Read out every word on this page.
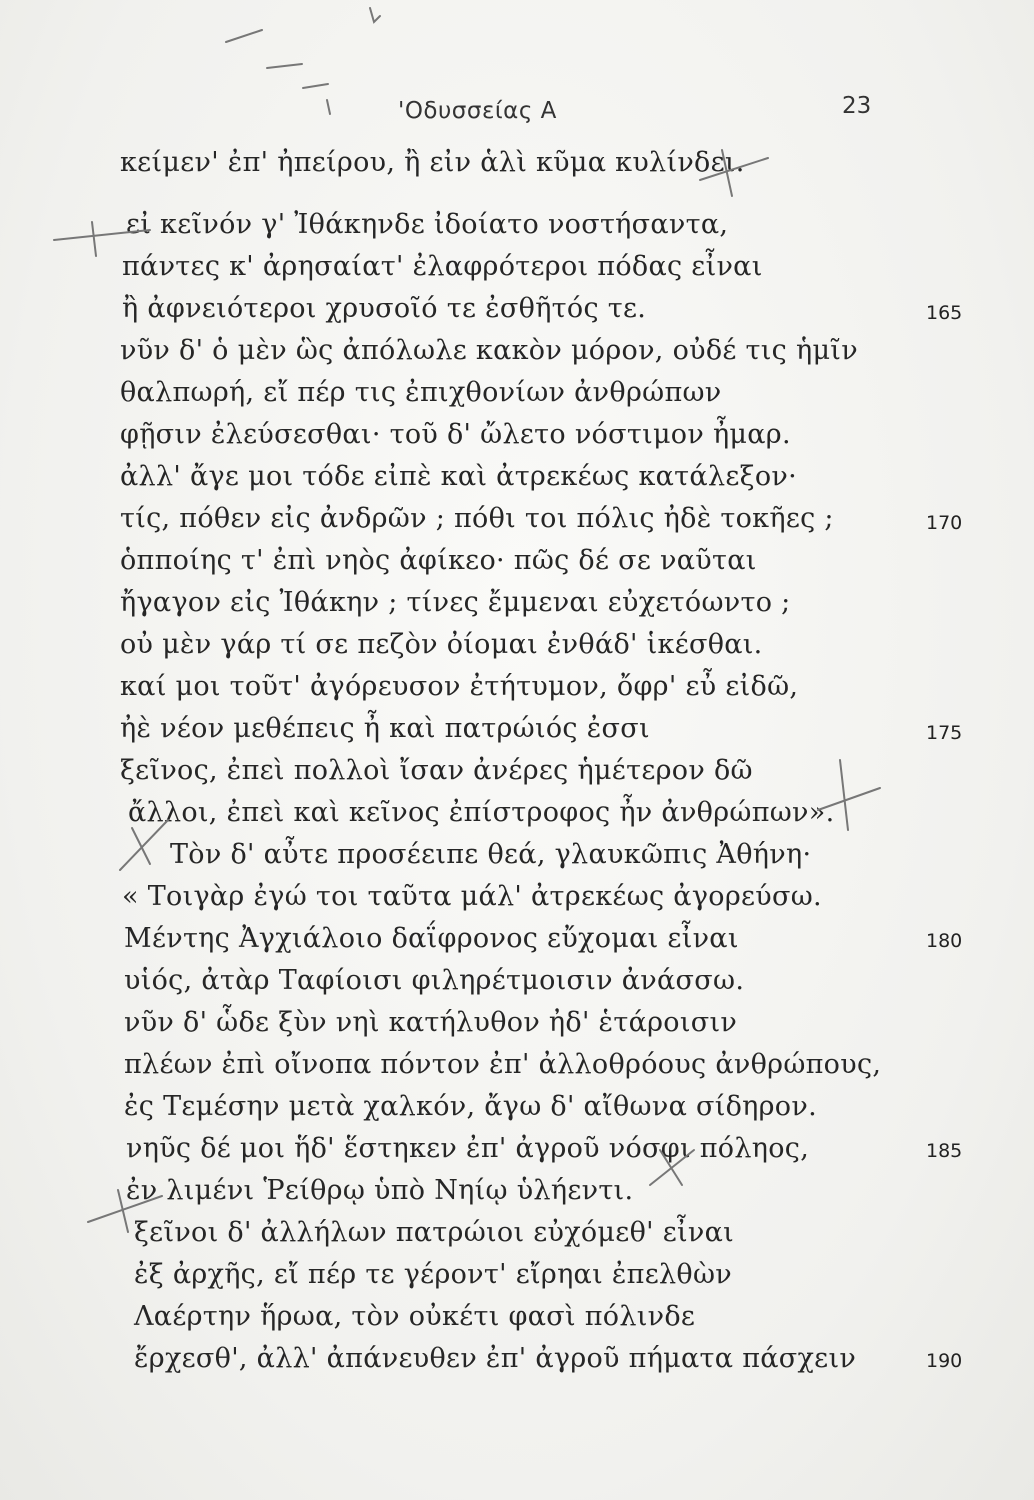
'Οδυσσείας Α	23
κείμεν' ἐπ' ἠπείρου, ἢ εἰν ἁλὶ κῦμα κυλίνδει.
εἰ κεῖνόν γ' Ἰθάκηνδε ἰδοίατο νοστήσαντα,
πάντες κ' ἀρησαίατ' ἐλαφρότεροι πόδας εἶναι
ἢ ἀφνειότεροι χρυσοῖό τε ἐσθῆτός τε.
νῦν δ' ὁ μὲν ὣς ἀπόλωλε κακὸν μόρον, οὐδέ τις ἡμῖν
θαλπωρή, εἴ πέρ τις ἐπιχθονίων ἀνθρώπων
φῇσιν ἐλεύσεσθαι· τοῦ δ' ὤλετο νόστιμον ἦμαρ.
ἀλλ' ἄγε μοι τόδε εἰπὲ καὶ ἀτρεκέως κατάλεξον·
τίς, πόθεν εἰς ἀνδρῶν ; πόθι τοι πόλις ἠδὲ τοκῆες ;
ὁπποίης τ' ἐπὶ νηὸς ἀφίκεο· πῶς δέ σε ναῦται
ἤγαγον εἰς Ἰθάκην ; τίνες ἔμμεναι εὐχετόωντο ;
οὐ μὲν γάρ τί σε πεζὸν ὀίομαι ἐνθάδ' ἱκέσθαι.
καί μοι τοῦτ' ἀγόρευσον ἐτήτυμον, ὄφρ' εὖ εἰδῶ,
ἠὲ νέον μεθέπεις ἦ καὶ πατρώιός ἐσσι
ξεῖνος, ἐπεὶ πολλοὶ ἴσαν ἀνέρες ἡμέτερον δῶ
ἄλλοι, ἐπεὶ καὶ κεῖνος ἐπίστροφος ἦν ἀνθρώπων».
Τὸν δ' αὖτε προσέειπε θεά, γλαυκῶπις Ἀθήνη·
« Τοιγὰρ ἐγώ τοι ταῦτα μάλ' ἀτρεκέως ἀγορεύσω.
Μέντης Ἀγχιάλοιο δαΐφρονος εὔχομαι εἶναι
υἱός, ἀτὰρ Ταφίοισι φιληρέτμοισιν ἀνάσσω.
νῦν δ' ὧδε ξὺν νηὶ κατήλυθον ἠδ' ἑτάροισιν
πλέων ἐπὶ οἴνοπα πόντον ἐπ' ἀλλοθρόους ἀνθρώπους,
ἐς Τεμέσην μετὰ χαλκόν, ἄγω δ' αἴθωνα σίδηρον.
νηῦς δέ μοι ἥδ' ἕστηκεν ἐπ' ἀγροῦ νόσφι πόληος,
ἐν λιμένι Ῥείθρῳ ὑπὸ Νηίῳ ὑλήεντι.
ξεῖνοι δ' ἀλλήλων πατρώιοι εὐχόμεθ' εἶναι
ἐξ ἀρχῆς, εἴ πέρ τε γέροντ' εἴρηαι ἐπελθὼν
Λαέρτην ἥρωα, τὸν οὐκέτι φασὶ πόλινδε
ἔρχεσθ', ἀλλ' ἀπάνευθεν ἐπ' ἀγροῦ πήματα πάσχειν
165
170
175
180
185
190
